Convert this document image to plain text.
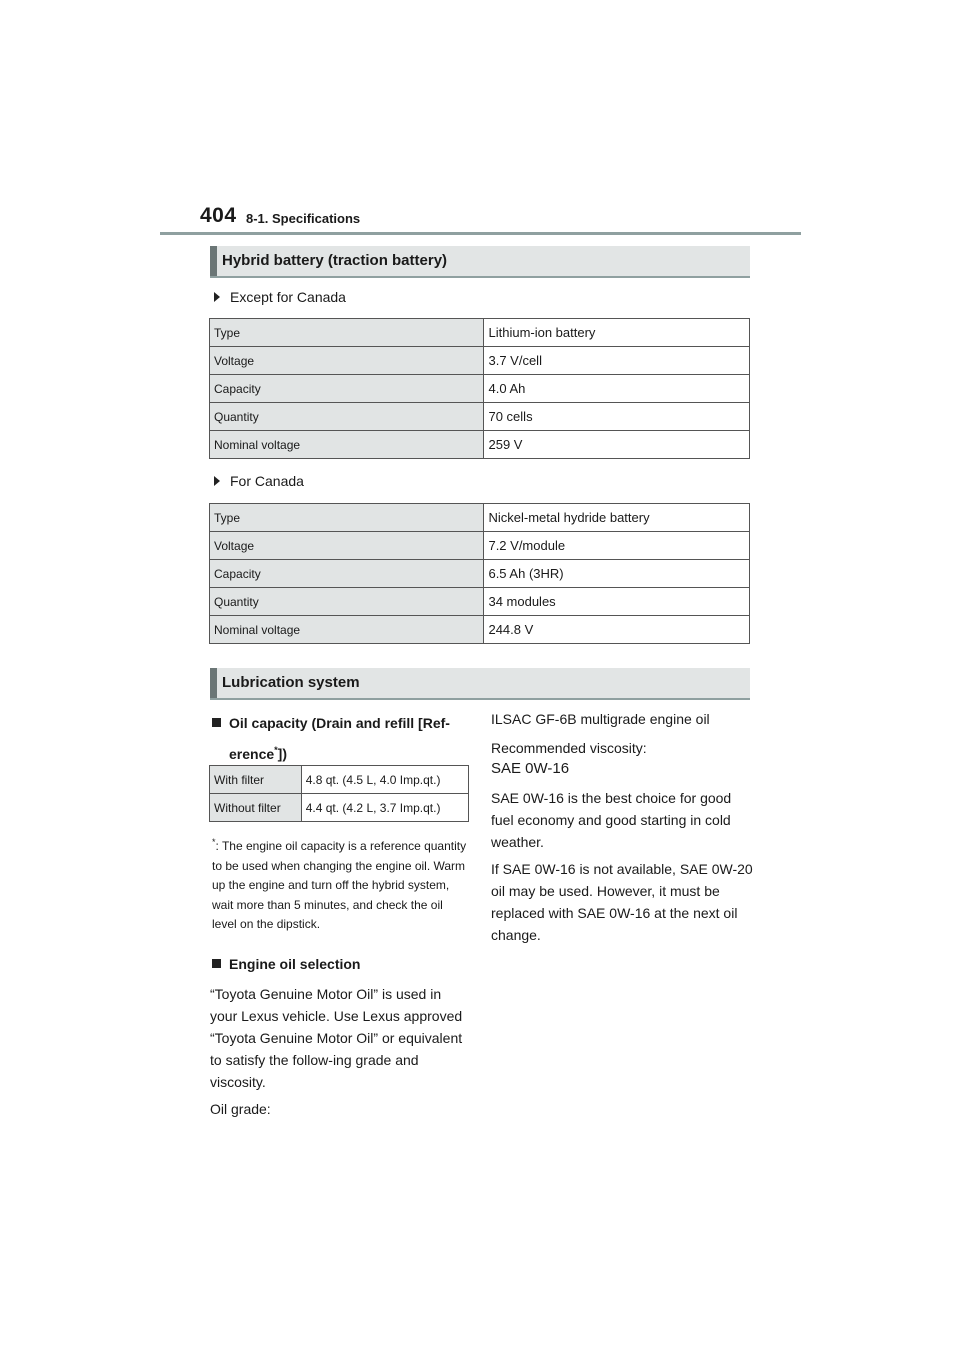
404 8-1. Specifications
Hybrid battery (traction battery)
Except for Canada
Type	Lithium-ion battery
Voltage	3.7 V/cell
Capacity	4.0 Ah
Quantity	70 cells
Nominal voltage	259 V
For Canada
Type	Nickel-metal hydride battery
Voltage	7.2 V/module
Capacity	6.5 Ah (3HR)
Quantity	34 modules
Nominal voltage	244.8 V
Lubrication system
Oil capacity (Drain and refill [Ref-
erence*])
With filter	4.8 qt. (4.5 L, 4.0 Imp.qt.)
Without filter	4.4 qt. (4.2 L, 3.7 Imp.qt.)
*: The engine oil capacity is a reference quantity to be used when changing the engine oil. Warm up the engine and turn off the hybrid system, wait more than 5 minutes, and check the oil level on the dipstick.
Engine oil selection
“Toyota Genuine Motor Oil” is used in your Lexus vehicle. Use Lexus approved “Toyota Genuine Motor Oil” or equivalent to satisfy the follow-ing grade and viscosity.
Oil grade:
ILSAC GF-6B multigrade engine oil
Recommended viscosity:
SAE 0W-16
SAE 0W-16 is the best choice for good fuel economy and good starting in cold weather.
If SAE 0W-16 is not available, SAE 0W-20 oil may be used. However, it must be replaced with SAE 0W-16 at the next oil change.
